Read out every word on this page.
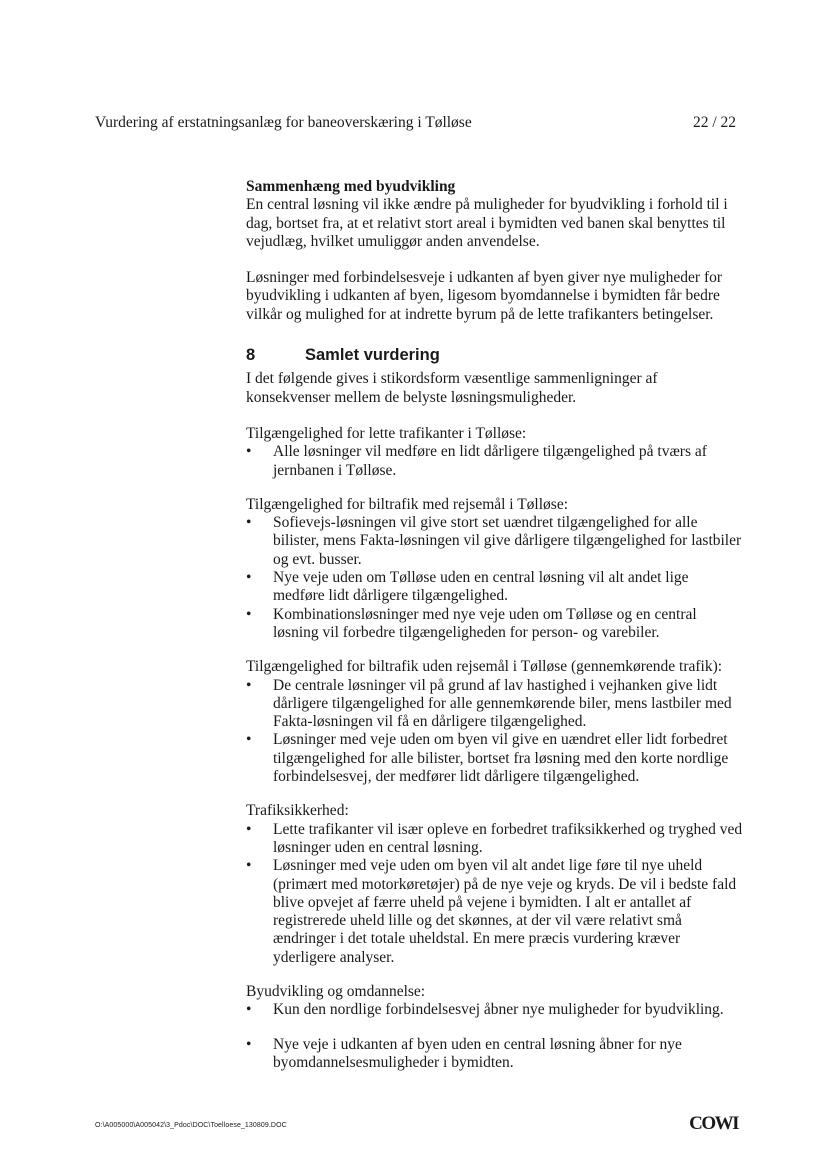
Vurdering af erstatningsanlæg for baneoverskæring i Tølløse	22 / 22

Sammenhæng med byudvikling

En central løsning vil ikke ændre på muligheder for byudvikling i forhold til i dag, bortset fra, at et relativt stort areal i bymidten ved banen skal benyttes til vejudlæg, hvilket umuliggør anden anvendelse.

Løsninger med forbindelsesveje i udkanten af byen giver nye muligheder for byudvikling i udkanten af byen, ligesom byomdannelse i bymidten får bedre vilkår og mulighed for at indrette byrum på de lette trafikanters betingelser.

8	Samlet vurdering

I det følgende gives i stikordsform væsentlige sammenligninger af konsekvenser mellem de belyste løsningsmuligheder.

Tilgængelighed for lette trafikanter i Tølløse:

• Alle løsninger vil medføre en lidt dårligere tilgængelighed på tværs af jernbanen i Tølløse.

Tilgængelighed for biltrafik med rejsemål i Tølløse:

• Sofievejs-løsningen vil give stort set uændret tilgængelighed for alle bilister, mens Fakta-løsningen vil give dårligere tilgængelighed for lastbiler og evt. busser.
• Nye veje uden om Tølløse uden en central løsning vil alt andet lige medføre lidt dårligere tilgængelighed.
• Kombinationsløsninger med nye veje uden om Tølløse og en central løsning vil forbedre tilgængeligheden for person- og varebiler.

Tilgængelighed for biltrafik uden rejsemål i Tølløse (gennemkørende trafik):

• De centrale løsninger vil på grund af lav hastighed i vejhanken give lidt dårligere tilgængelighed for alle gennemkørende biler, mens lastbiler med Fakta-løsningen vil få en dårligere tilgængelighed.
• Løsninger med veje uden om byen vil give en uændret eller lidt forbedret tilgængelighed for alle bilister, bortset fra løsning med den korte nordlige forbindelsesvej, der medfører lidt dårligere tilgængelighed.

Trafiksikkerhed:

• Lette trafikanter vil især opleve en forbedret trafiksikkerhed og tryghed ved løsninger uden en central løsning.
• Løsninger med veje uden om byen vil alt andet lige føre til nye uheld (primært med motorkøretøjer) på de nye veje og kryds. De vil i bedste fald blive opvejet af færre uheld på vejene i bymidten. I alt er antallet af registrerede uheld lille og det skønnes, at der vil være relativt små ændringer i det totale uheldstal. En mere præcis vurdering kræver yderligere analyser.

Byudvikling og omdannelse:

• Kun den nordlige forbindelsesvej åbner nye muligheder for byudvikling.
• Nye veje i udkanten af byen uden en central løsning åbner for nye byomdannelsesmuligheder i bymidten.
O:\A005000\A005042\3_Pdoc\DOC\Toelloese_130809.DOC	COWI
